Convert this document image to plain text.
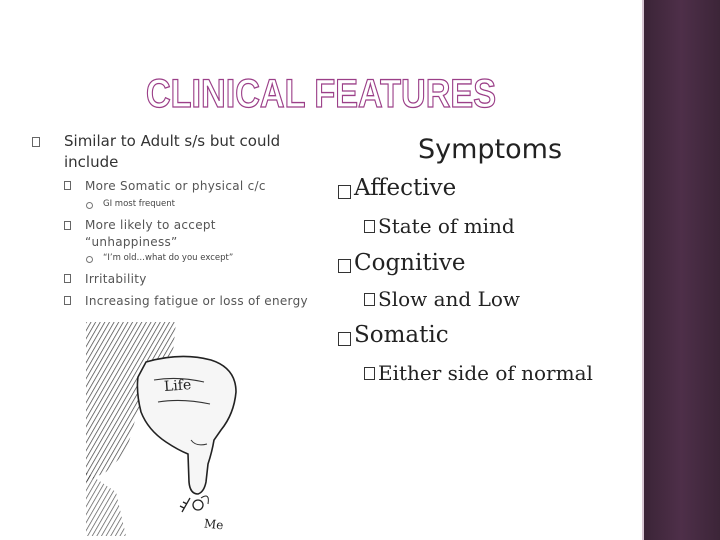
CLINICAL FEATURES
Similar to Adult s/s but could
include
More Somatic or physical c/c
GI most frequent
More likely to accept
“unhappiness”
“I’m old…what do you except”
Irritability
Increasing fatigue or loss of energy
Life
Me
Symptoms
Affective
State of mind
Cognitive
Slow and Low
Somatic
Either side of normal
